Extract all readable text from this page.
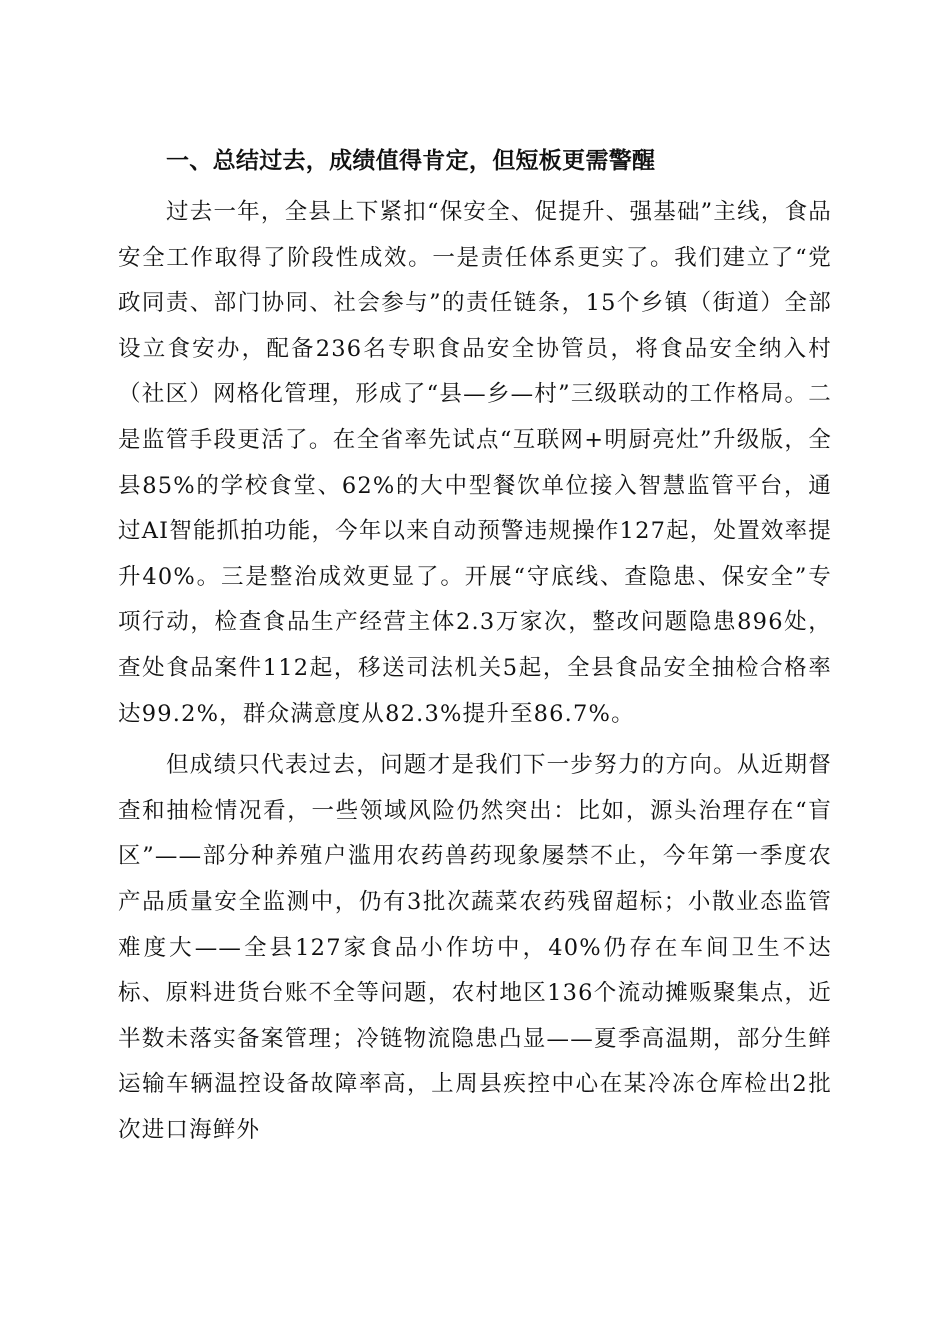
一、总结过去，成绩值得肯定，但短板更需警醒

过去一年，全县上下紧扣“保安全、促提升、强基础”主线，食品安全工作取得了阶段性成效。一是责任体系更实了。我们建立了“党政同责、部门协同、社会参与”的责任链条，15个乡镇（街道）全部设立食安办，配备236名专职食品安全协管员，将食品安全纳入村（社区）网格化管理，形成了“县—乡—村”三级联动的工作格局。二是监管手段更活了。在全省率先试点“互联网+明厨亮灶”升级版，全县85%的学校食堂、62%的大中型餐饮单位接入智慧监管平台，通过AI智能抓拍功能，今年以来自动预警违规操作127起，处置效率提升40%。三是整治成效更显了。开展“守底线、查隐患、保安全”专项行动，检查食品生产经营主体2.3万家次，整改问题隐患896处，查处食品案件112起，移送司法机关5起，全县食品安全抽检合格率达99.2%，群众满意度从82.3%提升至86.7%。

但成绩只代表过去，问题才是我们下一步努力的方向。从近期督查和抽检情况看，一些领域风险仍然突出：比如，源头治理存在“盲区”——部分种养殖户滥用农药兽药现象屡禁不止，今年第一季度农产品质量安全监测中，仍有3批次蔬菜农药残留超标；小散业态监管难度大——全县127家食品小作坊中，40%仍存在车间卫生不达标、原料进货台账不全等问题，农村地区136个流动摊贩聚集点，近半数未落实备案管理；冷链物流隐患凸显——夏季高温期，部分生鲜运输车辆温控设备故障率高，上周县疾控中心在某冷冻仓库检出2批次进口海鲜外
